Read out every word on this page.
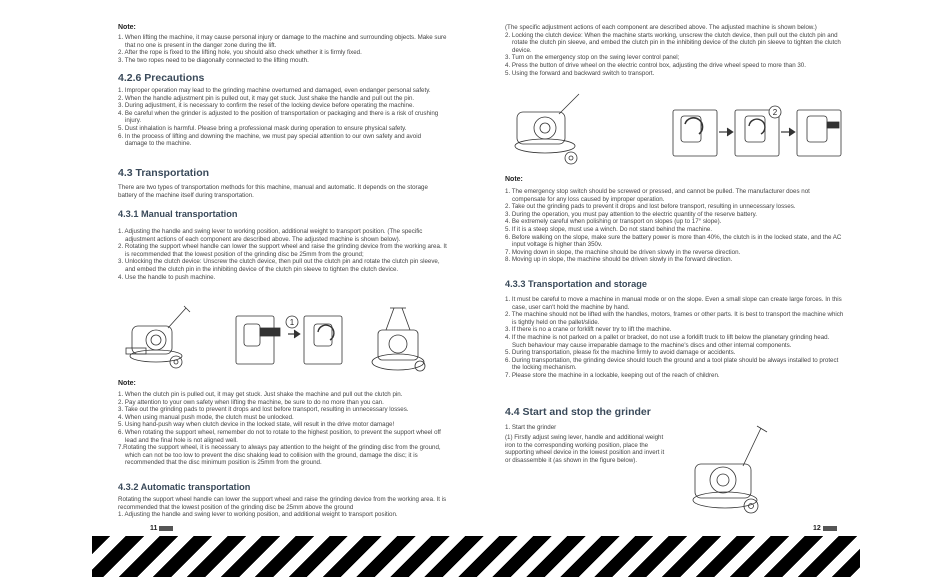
Note:

1. When lifting the machine, it may cause personal injury or damage to the machine and surrounding objects. Make sure that no one is present in the danger zone during the lift.
2. After the rope is fixed to the lifting hole, you should also check whether it is firmly fixed.
3. The two ropes need to be diagonally connected to the lifting mouth.

4.2.6 Precautions

1. Improper operation may lead to the grinding machine overturned and damaged, even endanger personal safety.
2. When the handle adjustment pin is pulled out, it may get stuck. Just shake the handle and pull out the pin.
3. During adjustment, it is necessary to confirm the reset of the locking device before operating the machine.
4. Be careful when the grinder is adjusted to the position of transportation or packaging and there is a risk of crushing injury.
5. Dust inhalation is harmful. Please bring a professional mask during operation to ensure physical safety.
6. In the process of lifting and downing the machine, we must pay special attention to our own safety and avoid damage to the machine.

4.3 Transportation

There are two types of transportation methods for this machine, manual and automatic. It depends on the storage battery of the machine itself during transportation.

4.3.1 Manual transportation

1. Adjusting the handle and swing lever to working position, additional weight to transport position. (The specific adjustment actions of each component are described above. The adjusted machine is shown below).
2. Rotating the support wheel handle can lower the support wheel and raise the grinding device from the working area. It is recommended that the lowest position of the grinding disc be 25mm from the ground;
3. Unlocking the clutch device: Unscrew the clutch device, then pull out the clutch pin and rotate the clutch pin sleeve, and embed the clutch pin in the inhibiting device of the clutch pin sleeve to tighten the clutch device.
4. Use the handle to push machine.
1

Note:

1. When the clutch pin is pulled out, it may get stuck. Just shake the machine and pull out the clutch pin.
2. Pay attention to your own safety when lifting the machine, be sure to do no more than you can.
3. Take out the grinding pads to prevent it drops and lost before transport, resulting in unnecessary losses.
4. When using manual push mode, the clutch must be unlocked.
5. Using hand-push way when clutch device in the locked state, will result in the drive motor damage!
6. When rotating the support wheel, remember do not to rotate to the highest position, to prevent the support wheel off lead and the final hole is not aligned well.
7.Rotating the support wheel, it is necessary to always pay attention to the height of the grinding disc from the ground, which can not be too low to prevent the disc shaking lead to collision with the ground, damage the disc; it is recommended that the disc minimum position is 25mm from the ground.

4.3.2 Automatic transportation

Rotating the support wheel handle can lower the support wheel and raise the grinding device from the working area. It is recommended that the lowest position of the grinding disc be 25mm above the ground

1. Adjusting the handle and swing lever to working position, and additional weight to transport position.

11
(The specific adjustment actions of each component are described above. The adjusted machine is shown below.)
2. Locking the clutch device: When the machine starts working, unscrew the clutch device, then pull out the clutch pin and rotate the clutch pin sleeve, and embed the clutch pin in the inhibiting device of the clutch pin sleeve to tighten the clutch device.
3. Turn on the emergency stop on the swing lever control panel;
4. Press the button of drive wheel on the electric control box, adjusting the drive wheel speed to more than 30.
5. Using the forward and backward switch to transport.
2

Note:

1. The emergency stop switch should be screwed or pressed, and cannot be pulled. The manufacturer does not compensate for any loss caused by improper operation.
2. Take out the grinding pads to prevent it drops and lost before transport, resulting in unnecessary losses.
3. During the operation, you must pay attention to the electric quantity of the reserve battery.
4. Be extremely careful when polishing or transport on slopes (up to 17° slope).
5. If it is a steep slope, must use a winch. Do not stand behind the machine.
6. Before walking on the slope, make sure the battery power is more than 40%, the clutch is in the locked state, and the AC input voltage is higher than 350v.
7. Moving down in slope, the machine should be driven slowly in the reverse direction.
8. Moving up in slope, the machine should be driven slowly in the forward direction.

4.3.3 Transportation and storage

1. It must be careful to move a machine in manual mode or on the slope. Even a small slope can create large forces. In this case, user can't hold the machine by hand.
2. The machine should not be lifted with the handles, motors, frames or other parts. It is best to transport the machine which is tightly held on the pallet/slide.
3. If there is no a crane or forklift never try to lift the machine.
4. If the machine is not parked on a pallet or bracket, do not use a forklift truck to lift below the planetary grinding head. Such behaviour may cause irreparable damage to the machine's discs and other internal components.
5. During transportation, please fix the machine firmly to avoid damage or accidents.
6. During transportation, the grinding device should touch the ground and a tool plate should be always installed to protect the locking mechanism.
7. Please store the machine in a lockable, keeping out of the reach of children.

4.4 Start and stop the grinder

1. Start the grinder

(1) Firstly adjust swing lever, handle and additional weight iron to the corresponding working position, place the supporting wheel device in the lowest position and invert it or disassemble it (as shown in the figure below).

12
